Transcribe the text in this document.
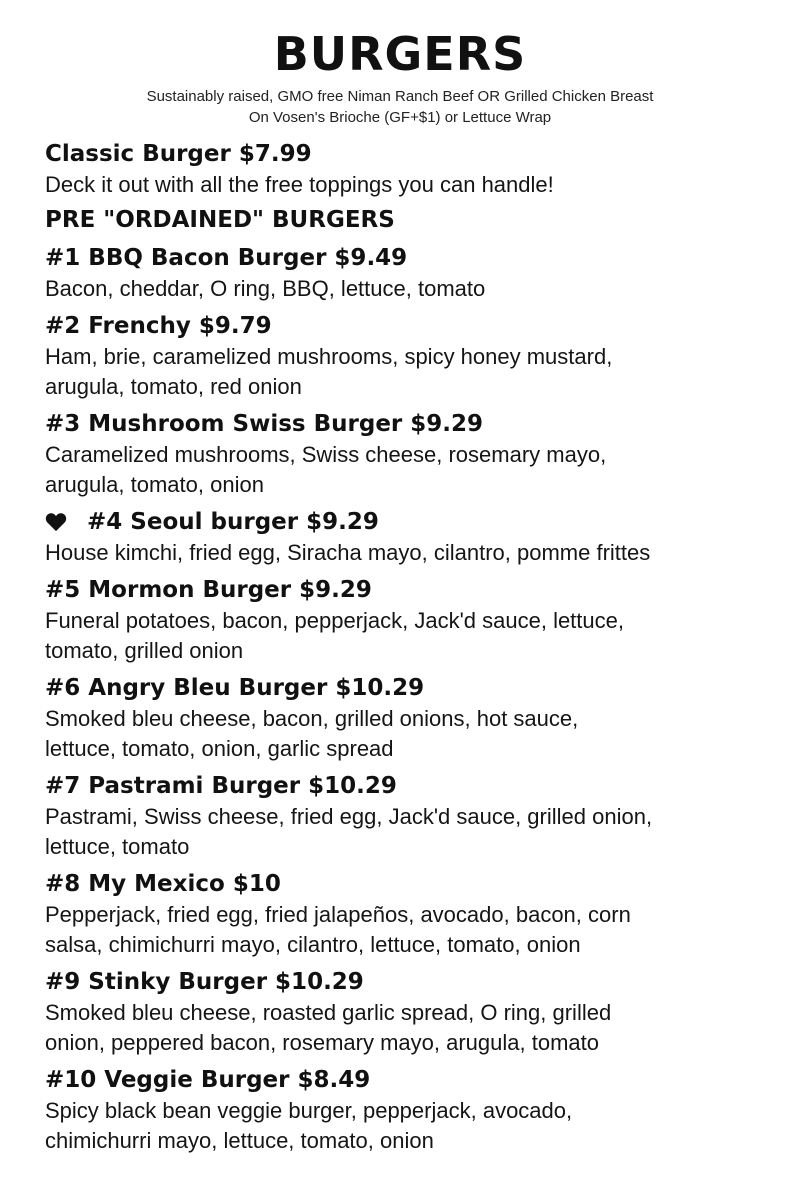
BURGERS
Sustainably raised, GMO free Niman Ranch Beef OR Grilled Chicken Breast
On Vosen's Brioche (GF+$1) or Lettuce Wrap
Classic Burger $7.99
Deck it out with all the free toppings you can handle!
PRE "ORDAINED" BURGERS
#1 BBQ Bacon Burger $9.49
Bacon, cheddar, O ring, BBQ, lettuce, tomato
#2 Frenchy $9.79
Ham, brie, caramelized mushrooms, spicy honey mustard,
arugula, tomato, red onion
#3 Mushroom Swiss Burger $9.29
Caramelized mushrooms, Swiss cheese, rosemary mayo,
arugula, tomato, onion
#4 Seoul burger $9.29
House kimchi, fried egg, Siracha mayo, cilantro, pomme frittes
#5 Mormon Burger $9.29
Funeral potatoes, bacon, pepperjack, Jack'd sauce, lettuce,
tomato, grilled onion
#6 Angry Bleu Burger $10.29
Smoked bleu cheese, bacon, grilled onions, hot sauce,
lettuce, tomato, onion, garlic spread
#7 Pastrami Burger $10.29
Pastrami, Swiss cheese, fried egg, Jack'd sauce, grilled onion,
lettuce, tomato
#8 My Mexico $10
Pepperjack, fried egg, fried jalapeños, avocado, bacon, corn
salsa, chimichurri mayo, cilantro, lettuce, tomato, onion
#9 Stinky Burger $10.29
Smoked bleu cheese, roasted garlic spread, O ring, grilled
onion, peppered bacon, rosemary mayo, arugula, tomato
#10 Veggie Burger $8.49
Spicy black bean veggie burger, pepperjack, avocado,
chimichurri mayo, lettuce, tomato, onion
